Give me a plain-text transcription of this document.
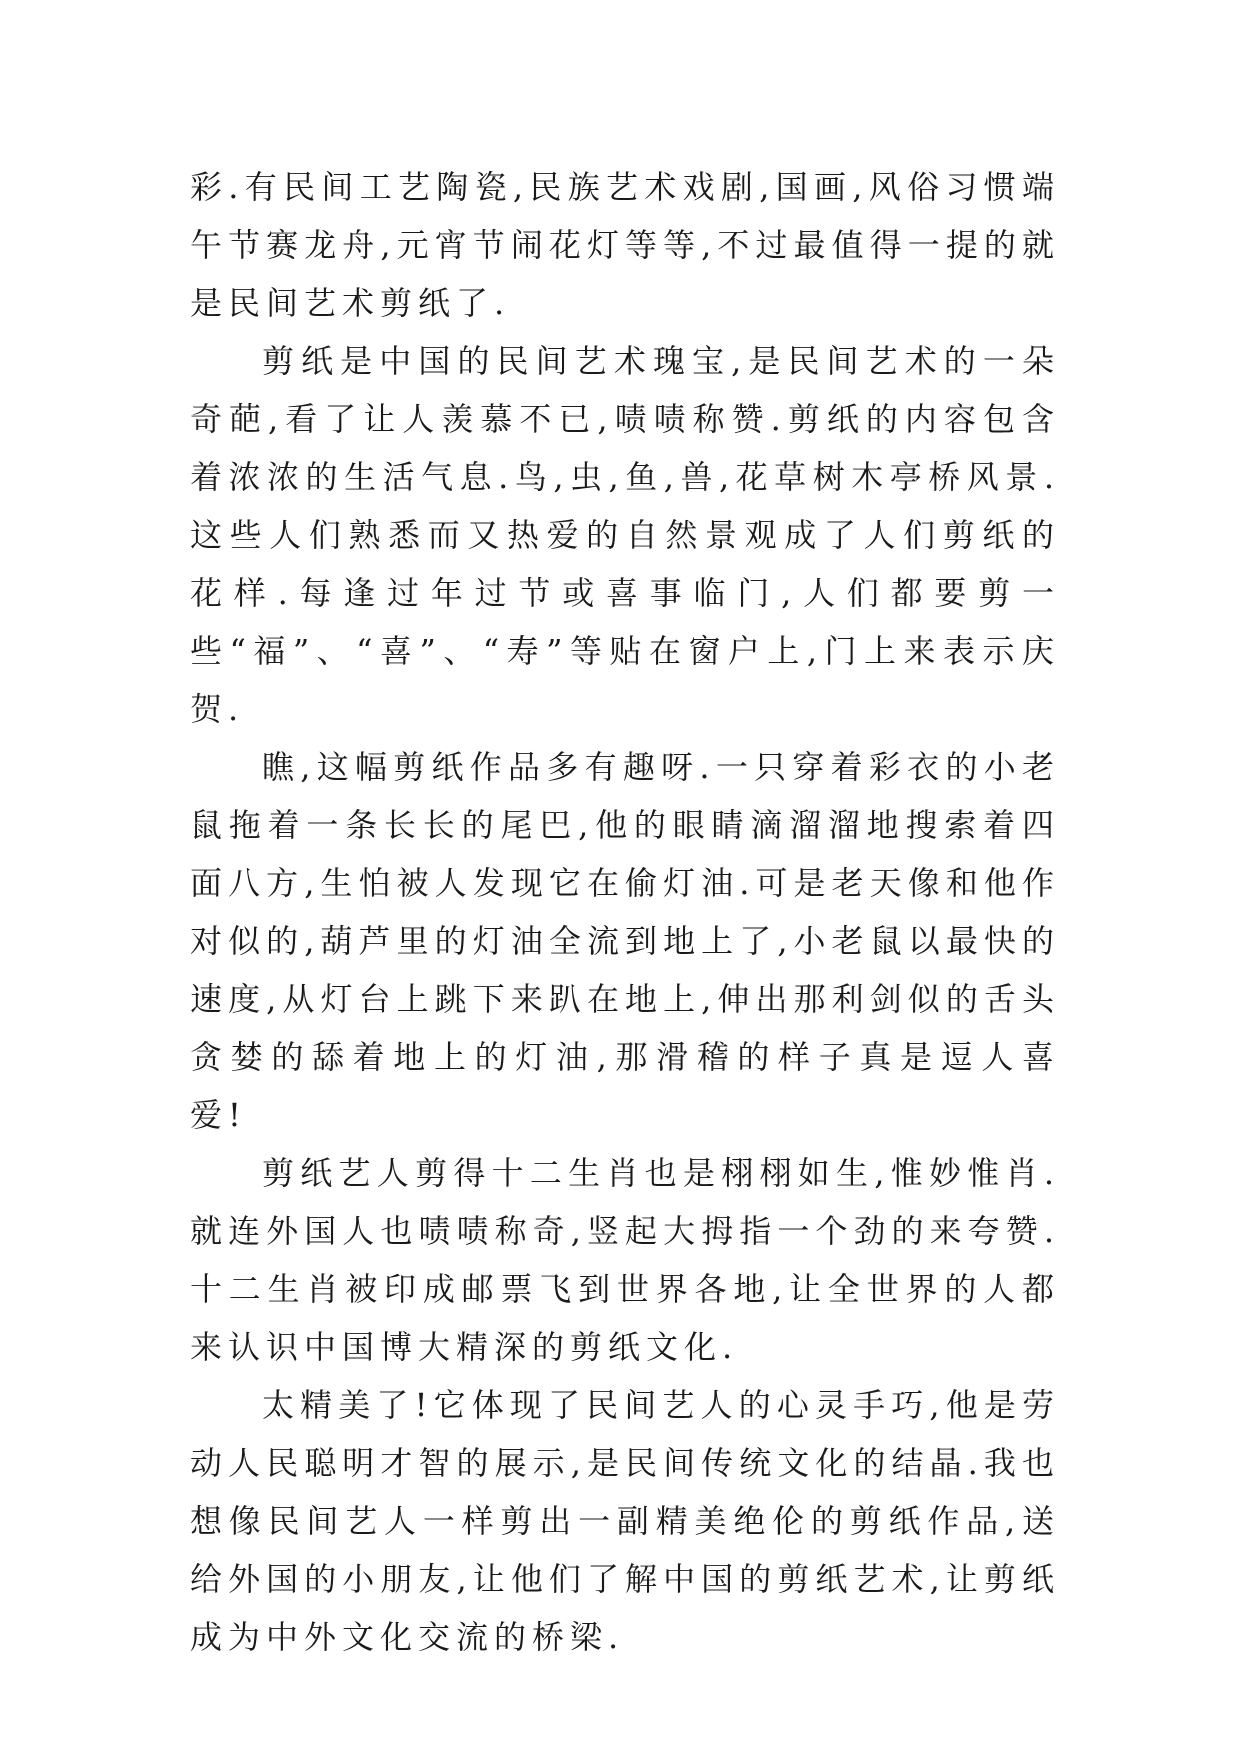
彩.有民间工艺陶瓷,民族艺术戏剧,国画,风俗习惯端午节赛龙舟,元宵节闹花灯等等,不过最值得一提的就是民间艺术剪纸了.

剪纸是中国的民间艺术瑰宝,是民间艺术的一朵奇葩,看了让人羡慕不已,啧啧称赞.剪纸的内容包含着浓浓的生活气息.鸟,虫,鱼,兽,花草树木亭桥风景.这些人们熟悉而又热爱的自然景观成了人们剪纸的花样.每逢过年过节或喜事临门,人们都要剪一些“福”、“喜”、“寿”等贴在窗户上,门上来表示庆贺.

瞧,这幅剪纸作品多有趣呀.一只穿着彩衣的小老鼠拖着一条长长的尾巴,他的眼睛滴溜溜地搜索着四面八方,生怕被人发现它在偷灯油.可是老天像和他作对似的,葫芦里的灯油全流到地上了,小老鼠以最快的速度,从灯台上跳下来趴在地上,伸出那利剑似的舌头贪婪的舔着地上的灯油,那滑稽的样子真是逗人喜爱!

剪纸艺人剪得十二生肖也是栩栩如生,惟妙惟肖.就连外国人也啧啧称奇,竖起大拇指一个劲的来夸赞.十二生肖被印成邮票飞到世界各地,让全世界的人都来认识中国博大精深的剪纸文化.

太精美了!它体现了民间艺人的心灵手巧,他是劳动人民聪明才智的展示,是民间传统文化的结晶.我也想像民间艺人一样剪出一副精美绝伦的剪纸作品,送给外国的小朋友,让他们了解中国的剪纸艺术,让剪纸成为中外文化交流的桥梁.
